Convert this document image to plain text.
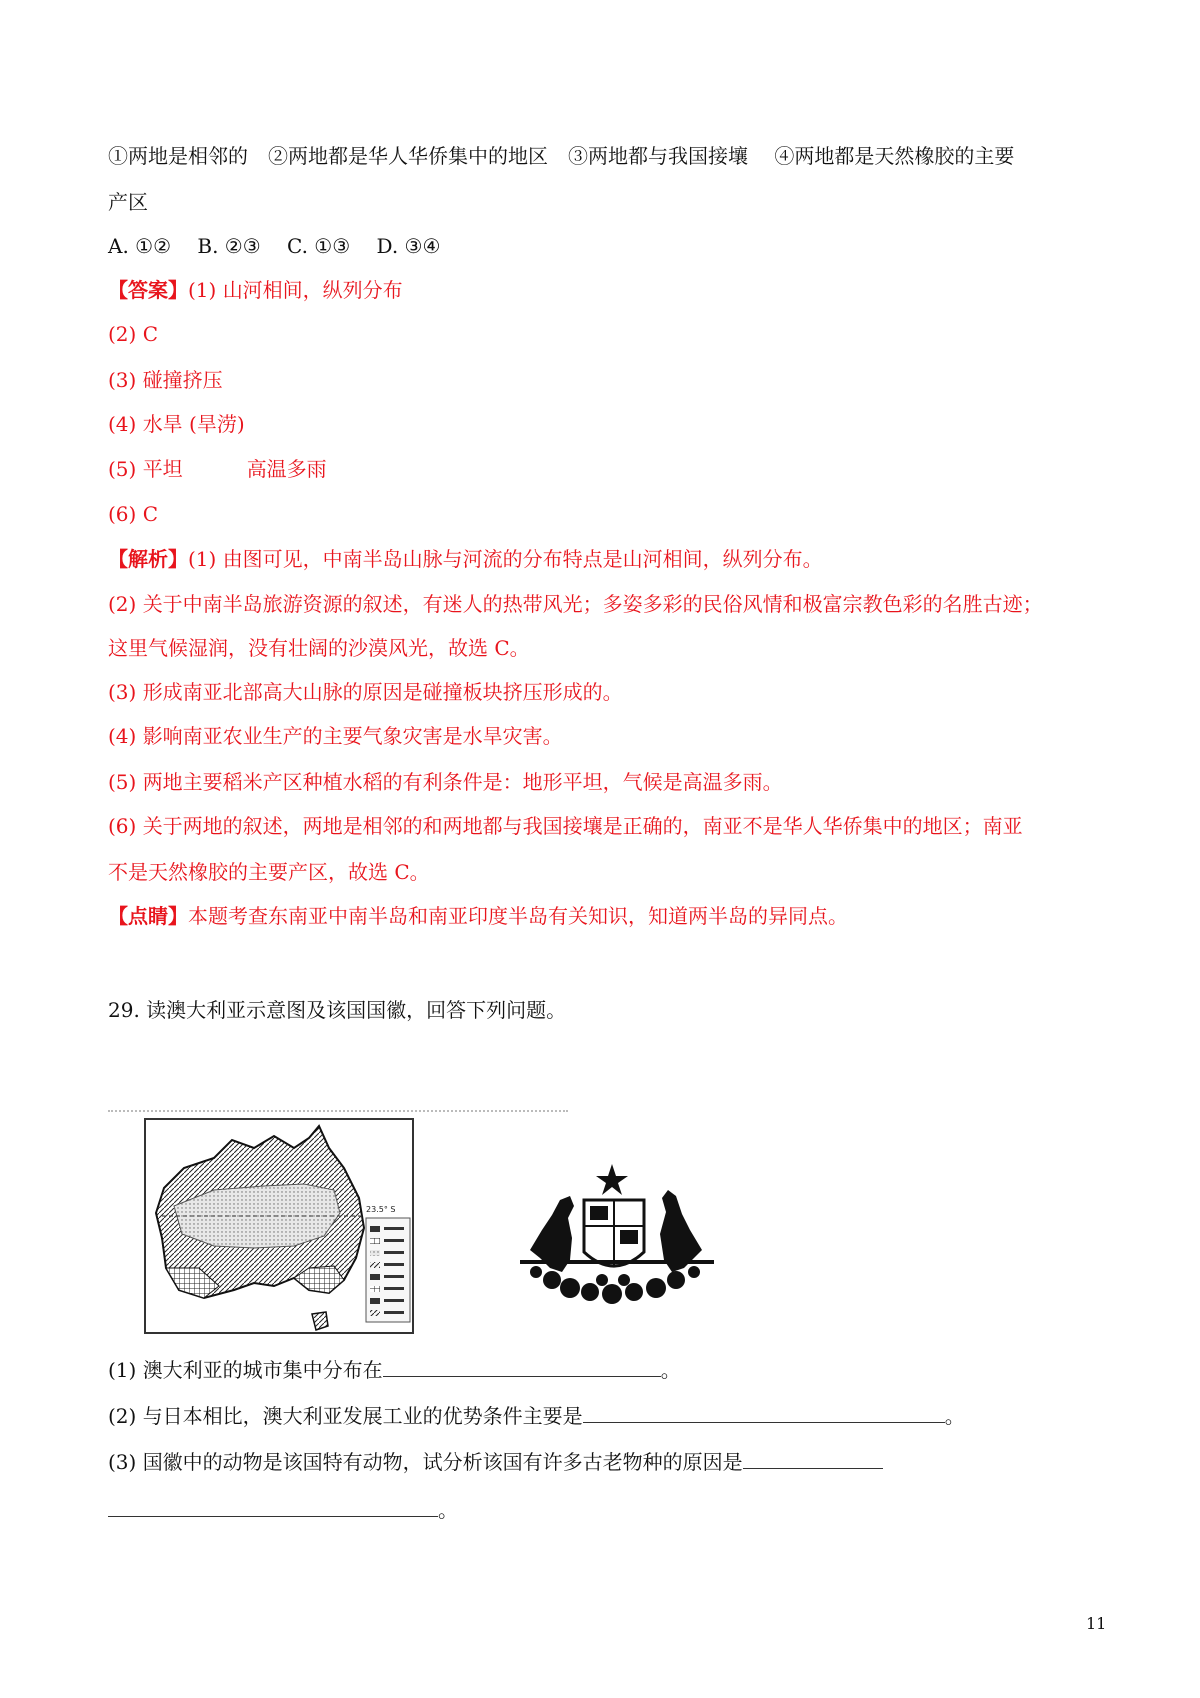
①两地是相邻的　②两地都是华人华侨集中的地区　③两地都与我国接壤　 ④两地都是天然橡胶的主要
产区
A. ①②　 B. ②③　 C. ①③　 D. ③④
【答案】(1) 山河相间，纵列分布
(2) C
(3) 碰撞挤压
(4) 水旱 (旱涝)
(5) 平坦	高温多雨
(6) C
【解析】(1) 由图可见，中南半岛山脉与河流的分布特点是山河相间，纵列分布。
(2) 关于中南半岛旅游资源的叙述，有迷人的热带风光；多姿多彩的民俗风情和极富宗教色彩的名胜古迹；
这里气候湿润，没有壮阔的沙漠风光，故选 C。
(3) 形成南亚北部高大山脉的原因是碰撞板块挤压形成的。
(4) 影响南亚农业生产的主要气象灾害是水旱灾害。
(5) 两地主要稻米产区种植水稻的有利条件是：地形平坦，气候是高温多雨。
(6) 关于两地的叙述，两地是相邻的和两地都与我国接壤是正确的，南亚不是华人华侨集中的地区；南亚
不是天然橡胶的主要产区，故选 C。
【点睛】本题考查东南亚中南半岛和南亚印度半岛有关知识，知道两半岛的异同点。
29. 读澳大利亚示意图及该国国徽，回答下列问题。
23.5° S
(1) 澳大利亚的城市集中分布在	。
(2) 与日本相比，澳大利亚发展工业的优势条件主要是	。
(3) 国徽中的动物是该国特有动物，试分析该国有许多古老物种的原因是
。
11
